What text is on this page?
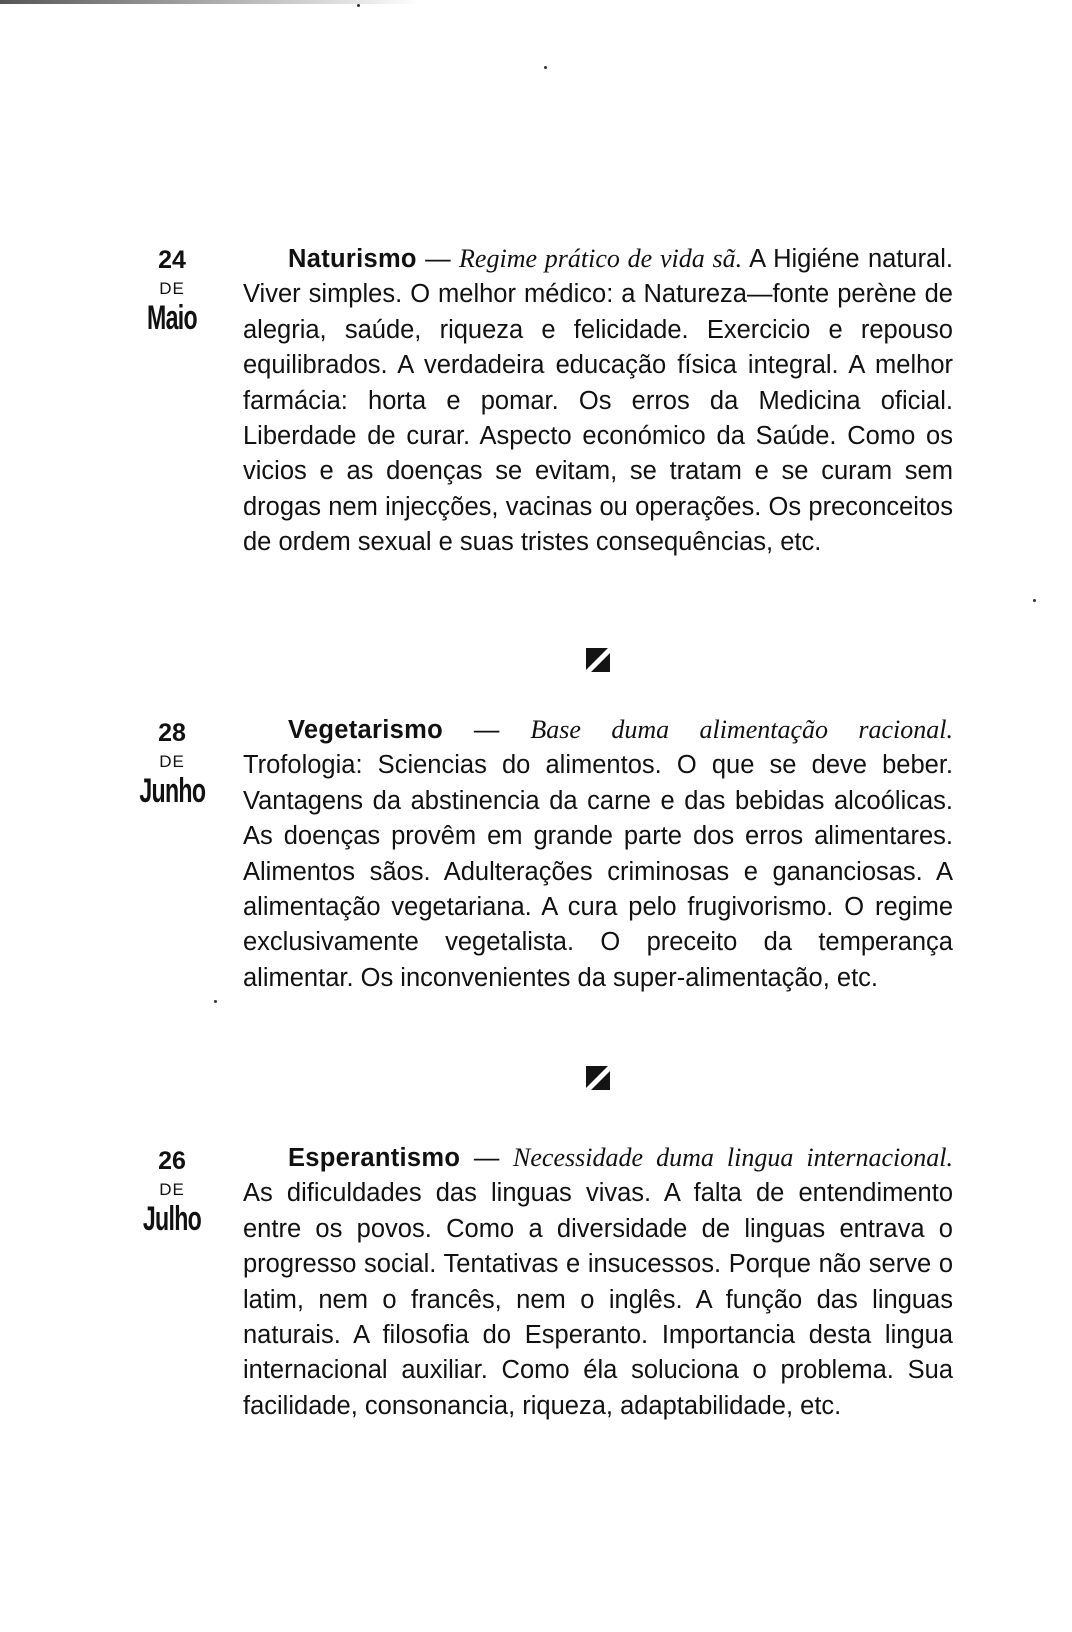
24
DE
Maio

Naturismo — Regime prático de vida sã. A Higiéne natural. Viver simples. O melhor médico: a Natureza—fonte perène de alegria, saúde, riqueza e felicidade. Exercicio e repouso equilibrados. A verdadeira educação física integral. A melhor farmácia: horta e pomar. Os erros da Medicina oficial. Liberdade de curar. Aspecto económico da Saúde. Como os vicios e as doenças se evitam, se tratam e se curam sem drogas nem injecções, vacinas ou operações. Os preconceitos de ordem sexual e suas tristes consequências, etc.

28
DE
Junho

Vegetarismo — Base duma alimentação racional. Trofologia: Sciencias do alimentos. O que se deve beber. Vantagens da abstinencia da carne e das bebidas alcoólicas. As doenças provêm em grande parte dos erros alimentares. Alimentos sãos. Adulterações criminosas e gananciosas. A alimentação vegetariana. A cura pelo frugivorismo. O regime exclusivamente vegetalista. O preceito da temperança alimentar. Os inconvenientes da super-alimentação, etc.

26
DE
Julho

Esperantismo — Necessidade duma lingua internacional. As dificuldades das linguas vivas. A falta de entendimento entre os povos. Como a diversidade de linguas entrava o progresso social. Tentativas e insucessos. Porque não serve o latim, nem o francês, nem o inglês. A função das linguas naturais. A filosofia do Esperanto. Importancia desta lingua internacional auxiliar. Como éla soluciona o problema. Sua facilidade, consonancia, riqueza, adaptabilidade, etc.
